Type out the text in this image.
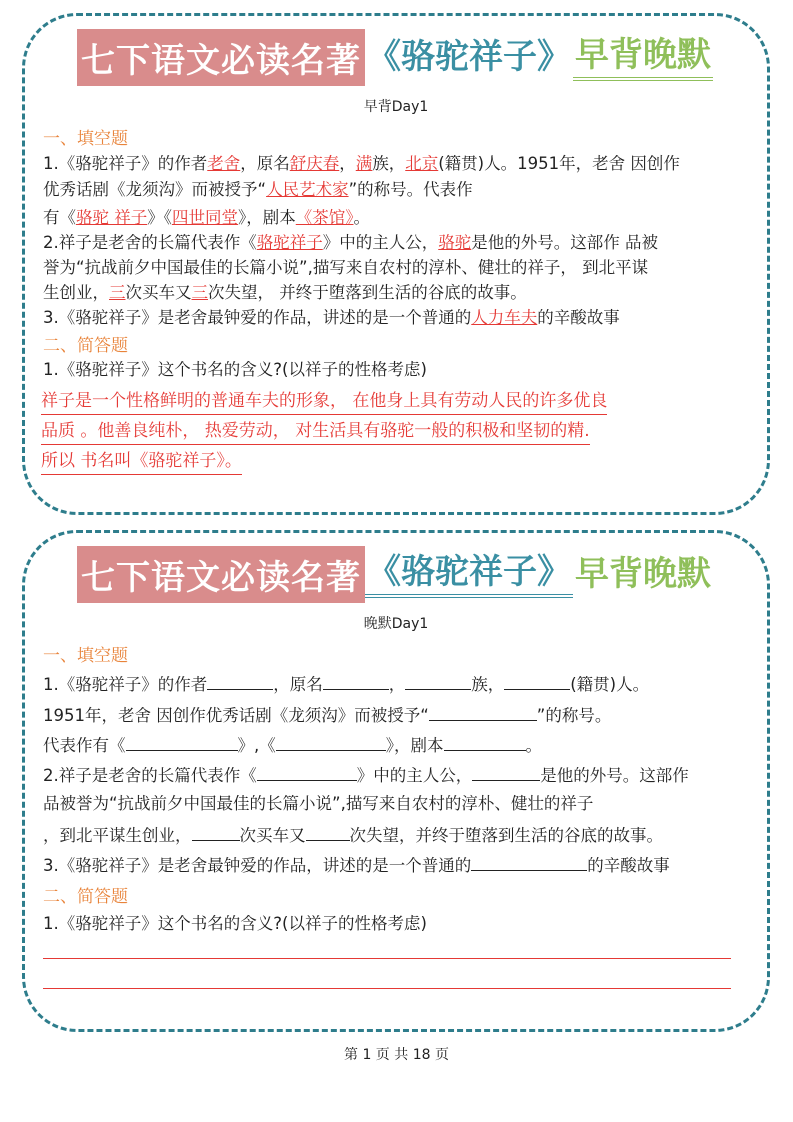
七下语文必读名著 《骆驼祥子》 早背晚默
早背Day1
一、填空题
1.《骆驼祥子》的作者老舍，原名舒庆春，满族，北京(籍贯)人。1951年，老舍 因创作
优秀话剧《龙须沟》而被授予“人民艺术家”的称号。代表作
有《骆驼 祥子》《四世同堂》，剧本《茶馆》。
2.祥子是老舍的长篇代表作《骆驼祥子》中的主人公，骆驼是他的外号。这部作 品被
誉为“抗战前夕中国最佳的长篇小说”,描写来自农村的淳朴、健壮的祥子， 到北平谋
生创业，三次买车又三次失望， 并终于堕落到生活的谷底的故事。
3.《骆驼祥子》是老舍最钟爱的作品，讲述的是一个普通的人力车夫的辛酸故事
二、简答题
1.《骆驼祥子》这个书名的含义?(以祥子的性格考虑)
祥子是一个性格鲜明的普通车夫的形象， 在他身上具有劳动人民的许多优良
品质 。他善良纯朴， 热爱劳动， 对生活具有骆驼一般的积极和坚韧的精.
所以 书名叫《骆驼祥子》。
七下语文必读名著 《骆驼祥子》 早背晚默
晚默Day1
一、填空题
1.《骆驼祥子》的作者	，原名	，	族，	(籍贯)人。
1951年，老舍 因创作优秀话剧《龙须沟》而被授予“	”的称号。
代表作有《	》,《	》，剧本	。
2.祥子是老舍的长篇代表作《	》中的主人公，	是他的外号。这部作
品被誉为“抗战前夕中国最佳的长篇小说”,描写来自农村的淳朴、健壮的祥子
，到北平谋生创业，	次买车又	次失望，并终于堕落到生活的谷底的故事。
3.《骆驼祥子》是老舍最钟爱的作品，讲述的是一个普通的	的辛酸故事
二、简答题
1.《骆驼祥子》这个书名的含义?(以祥子的性格考虑)
第 1 页 共 18 页
